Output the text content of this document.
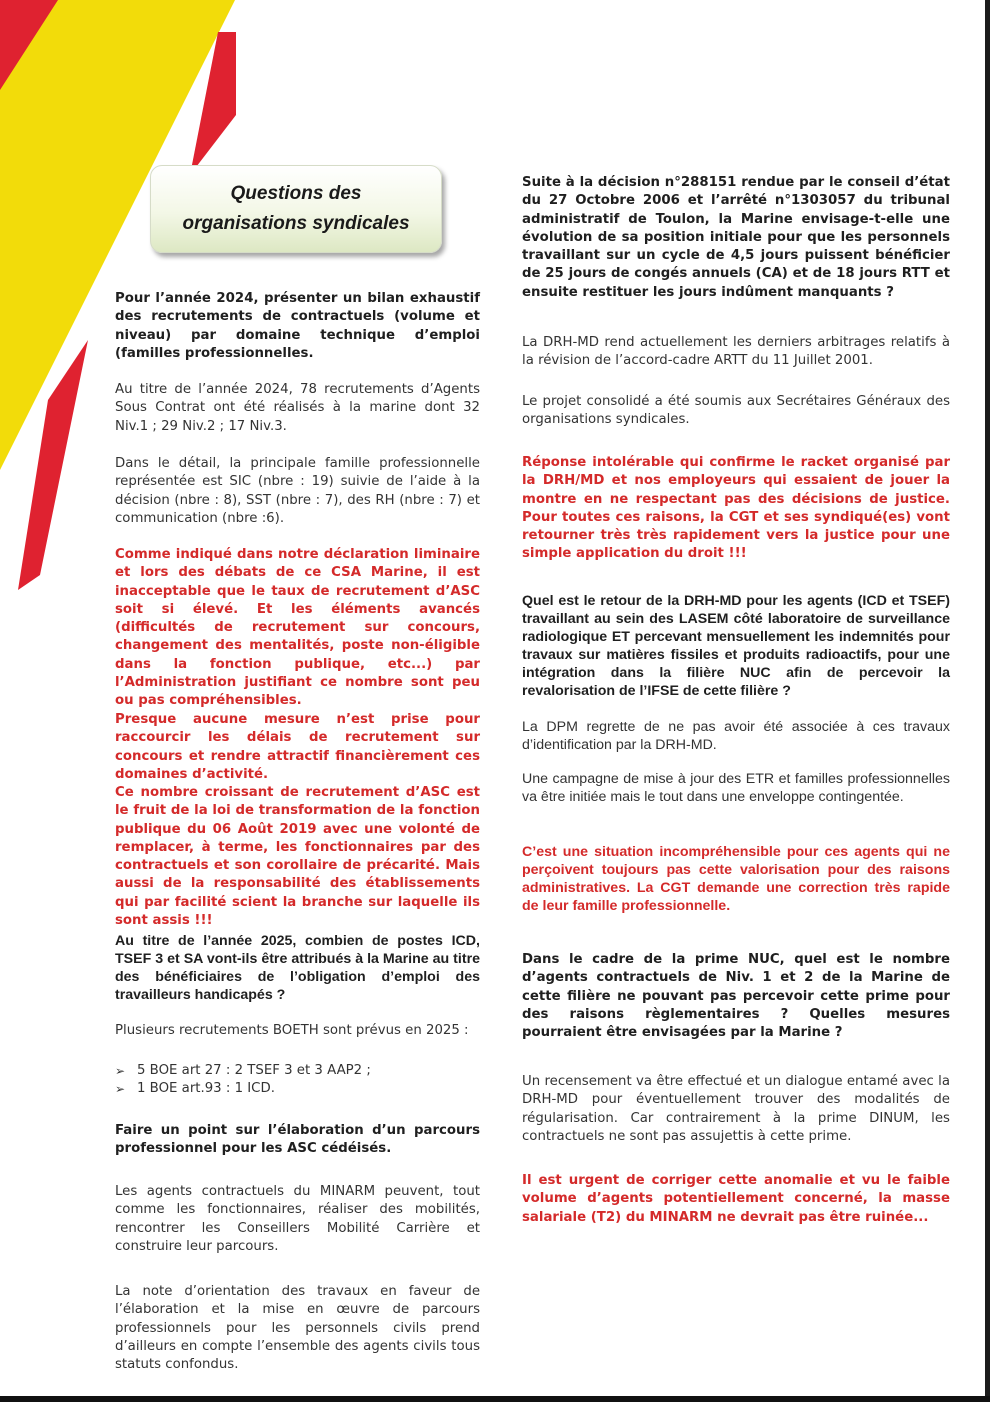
Questions des
organisations syndicales

Pour l’année 2024, présenter un bilan exhaustif des recrutements de contractuels (volume et niveau) par domaine technique d’emploi (familles professionnelles.

Au titre de l’année 2024, 78 recrutements d’Agents Sous Contrat ont été réalisés à la marine dont 32 Niv.1 ; 29 Niv.2 ; 17 Niv.3.

Dans le détail, la principale famille professionnelle représentée est SIC (nbre : 19) suivie de l’aide à la décision (nbre : 8), SST (nbre : 7), des RH (nbre : 7) et communication (nbre :6).

Comme indiqué dans notre déclaration liminaire et lors des débats de ce CSA Marine, il est inacceptable que le taux de recrutement d’ASC soit si élevé. Et les éléments avancés (difficultés de recrutement sur concours, changement des mentalités, poste non-éligible dans la fonction publique, etc...) par l’Administration justifiant ce nombre sont peu ou pas compréhensibles.

Presque aucune mesure n’est prise pour raccourcir les délais de recrutement sur concours et rendre attractif financièrement ces domaines d’activité.

Ce nombre croissant de recrutement d’ASC est le fruit de la loi de transformation de la fonction publique du 06 Août 2019 avec une volonté de remplacer, à terme, les fonctionnaires par des contractuels et son corollaire de précarité. Mais aussi de la responsabilité des établissements qui par facilité scient la branche sur laquelle ils sont assis !!!

Au titre de l’année 2025, combien de postes ICD, TSEF 3 et SA vont-ils être attribués à la Marine au titre des bénéficiaires de l’obligation d’emploi des travailleurs handicapés ?

Plusieurs recrutements BOETH sont prévus en 2025 :

➢ 5 BOE art 27 : 2 TSEF 3 et 3 AAP2 ;
➢ 1 BOE art.93 : 1 ICD.

Faire un point sur l’élaboration d’un parcours professionnel pour les ASC cédéisés.

Les agents contractuels du MINARM peuvent, tout comme les fonctionnaires, réaliser des mobilités, rencontrer les Conseillers Mobilité Carrière et construire leur parcours.

La note d’orientation des travaux en faveur de l’élaboration et la mise en œuvre de parcours professionnels pour les personnels civils prend d’ailleurs en compte l’ensemble des agents civils tous statuts confondus.

Suite à la décision n°288151 rendue par le conseil d’état du 27 Octobre 2006 et l’arrêté n°1303057 du tribunal administratif de Toulon, la Marine envisage-t-elle une évolution de sa position initiale pour que les personnels travaillant sur un cycle de 4,5 jours puissent bénéficier de 25 jours de congés annuels (CA) et de 18 jours RTT et ensuite restituer les jours indûment manquants ?

La DRH-MD rend actuellement les derniers arbitrages relatifs à la révision de l’accord-cadre ARTT du 11 Juillet 2001.

Le projet consolidé a été soumis aux Secrétaires Généraux des organisations syndicales.

Réponse intolérable qui confirme le racket organisé par la DRH/MD et nos employeurs qui essaient de jouer la montre en ne respectant pas des décisions de justice. Pour toutes ces raisons, la CGT et ses syndiqué(es) vont retourner très très rapidement vers la justice pour une simple application du droit !!!

Quel est le retour de la DRH-MD pour les agents (ICD et TSEF) travaillant au sein des LASEM côté laboratoire de surveillance radiologique ET percevant mensuellement les indemnités pour travaux sur matières fissiles et produits radioactifs, pour une intégration dans la filière NUC afin de percevoir la revalorisation de l’IFSE de cette filière ?

La DPM regrette de ne pas avoir été associée à ces travaux d’identification par la DRH-MD.

Une campagne de mise à jour des ETR et familles professionnelles va être initiée mais le tout dans une enveloppe contingentée.

C’est une situation incompréhensible pour ces agents qui ne perçoivent toujours pas cette valorisation pour des raisons administratives. La CGT demande une correction très rapide de leur famille professionnelle.

Dans le cadre de la prime NUC, quel est le nombre d’agents contractuels de Niv. 1 et 2 de la Marine de cette filière ne pouvant pas percevoir cette prime pour des raisons règlementaires ? Quelles mesures pourraient être envisagées par la Marine ?

Un recensement va être effectué et un dialogue entamé avec la DRH-MD pour éventuellement trouver des modalités de régularisation. Car contrairement à la prime DINUM, les contractuels ne sont pas assujettis à cette prime.

Il est urgent de corriger cette anomalie et vu le faible volume d’agents potentiellement concerné, la masse salariale (T2) du MINARM ne devrait pas être ruinée...
